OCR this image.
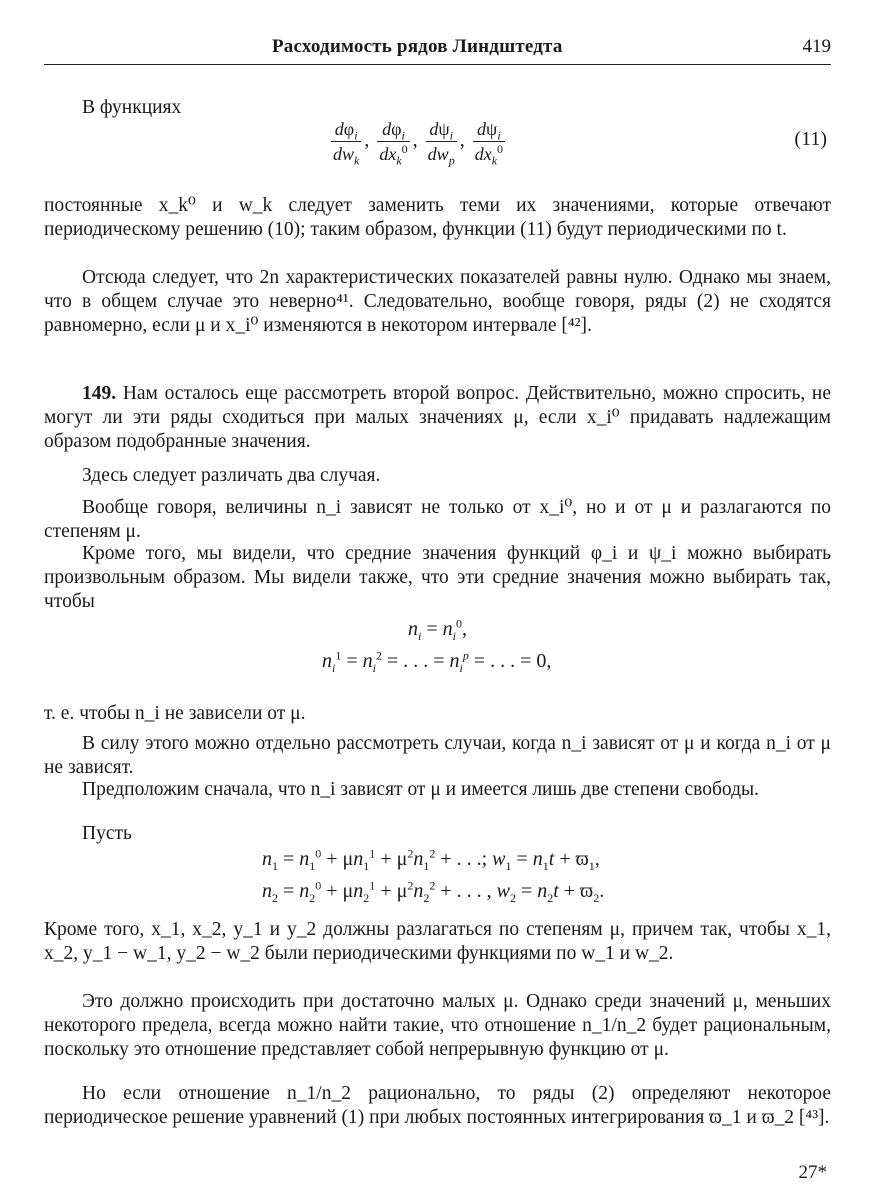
Расходимость рядов Линдштедта	419

В функциях

$\frac{d\varphi_i}{dw_k}$ , $\frac{d\varphi_i}{dx_k^0}$ , $\frac{d\psi_i}{dw_p}$ , $\frac{d\psi_i}{dx_k^0}$	(11)

постоянные x_k⁰ и w_k следует заменить теми их значениями, которые отвечают периодическому решению (10); таким образом, функции (11) будут периодическими по t.

Отсюда следует, что 2n характеристических показателей равны нулю. Однако мы знаем, что в общем случае это неверно⁴¹. Следовательно, вообще говоря, ряды (2) не сходятся равномерно, если μ и x_i⁰ изменяются в некотором интервале [⁴²].

149. Нам осталось еще рассмотреть второй вопрос. Действительно, можно спросить, не могут ли эти ряды сходиться при малых значениях μ, если x_i⁰ придавать надлежащим образом подобранные значения.

Здесь следует различать два случая.

Вообще говоря, величины n_i зависят не только от x_i⁰, но и от μ и разлагаются по степеням μ.

Кроме того, мы видели, что средние значения функций φ_i и ψ_i можно выбирать произвольным образом. Мы видели также, что эти средние значения можно выбирать так, чтобы

$n_i = n_i^0$,
$n_i^1 = n_i^2$ = . . . = $n_i^p$ = . . . = 0,

т. е. чтобы n_i не зависели от μ.

В силу этого можно отдельно рассмотреть случаи, когда n_i зависят от μ и когда n_i от μ не зависят.

Предположим сначала, что n_i зависят от μ и имеется лишь две степени свободы.

Пусть

$n_1 = n_1^0 + \mu n_1^1 + \mu^2n_1^2$ + . . .; $w_1 = n_1t + ϖ_1$,
$n_2 = n_2^0 + \mu n_2^1 + \mu^2n_2^2$ + . . . , $w_2 = n_2t + ϖ_2$.

Кроме того, x_1, x_2, y_1 и y_2 должны разлагаться по степеням μ, причем так, чтобы x_1, x_2, y_1 − w_1, y_2 − w_2 были периодическими функциями по w_1 и w_2.

Это должно происходить при достаточно малых μ. Однако среди значений μ, меньших некоторого предела, всегда можно найти такие, что отношение n_1/n_2 будет рациональным, поскольку это отношение представляет собой непрерывную функцию от μ.

Но если отношение n_1/n_2 рационально, то ряды (2) определяют некоторое периодическое решение уравнений (1) при любых постоянных интегрирования ϖ_1 и ϖ_2 [⁴³].

27*
